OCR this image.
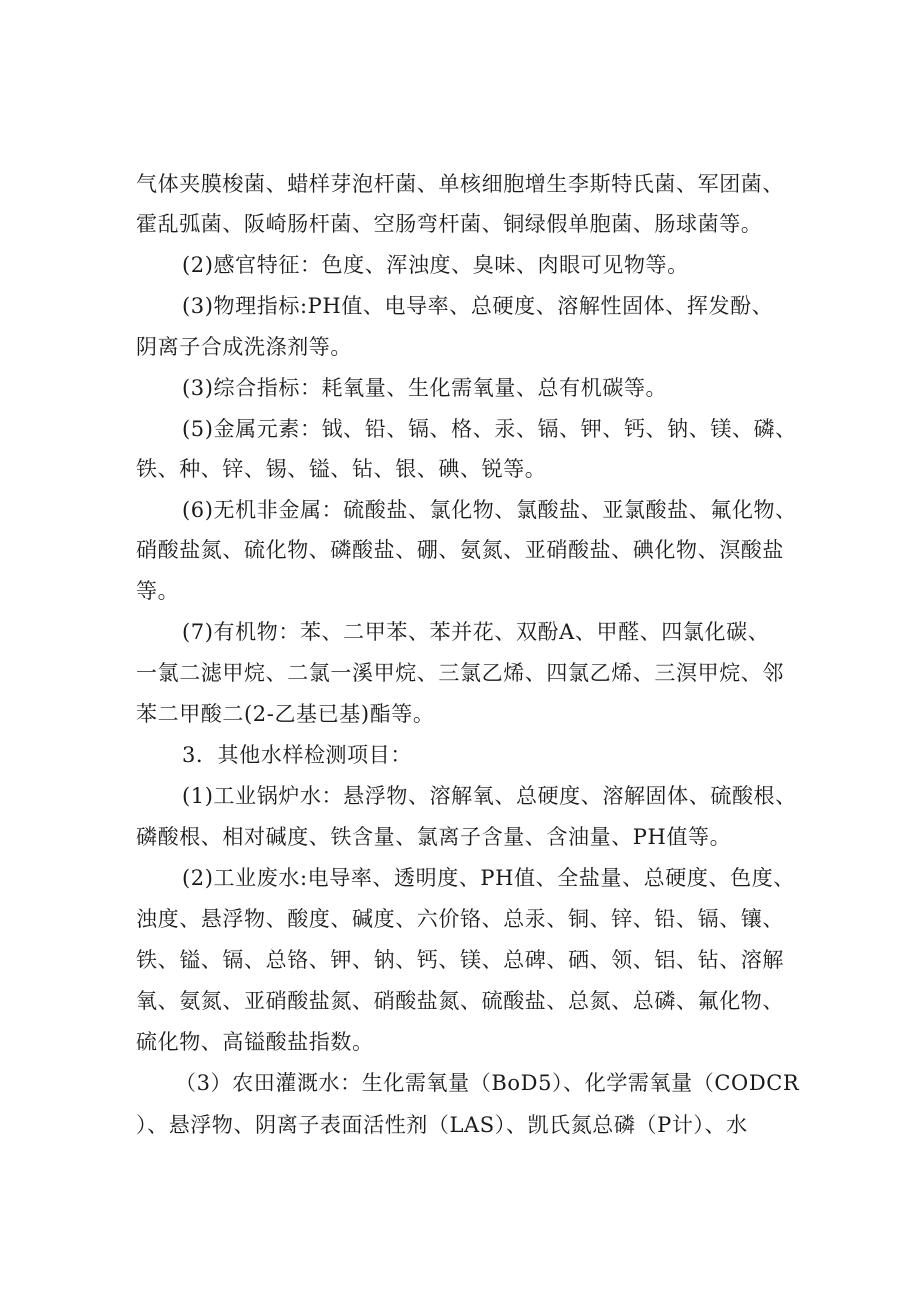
气体夹膜梭菌、蜡样芽泡杆菌、单核细胞增生李斯特氏菌、军团菌、
霍乱弧菌、阪崎肠杆菌、空肠弯杆菌、铜绿假单胞菌、肠球菌等。
(2)感官特征：色度、浑浊度、臭味、肉眼可见物等。
(3)物理指标:PH值、电导率、总硬度、溶解性固体、挥发酚、
阴离子合成洗涤剂等。
(3)综合指标：耗氧量、生化需氧量、总有机碳等。
(5)金属元素：钺、铅、镉、格、汞、镉、钾、钙、钠、镁、磷、
铁、种、锌、锡、镒、钻、银、碘、锐等。
(6)无机非金属：硫酸盐、氯化物、氯酸盐、亚氯酸盐、氟化物、
硝酸盐氮、硫化物、磷酸盐、硼、氨氮、亚硝酸盐、碘化物、溟酸盐
等。
(7)有机物：苯、二甲苯、苯并花、双酚A、甲醛、四氯化碳、
一氯二滤甲烷、二氯一溪甲烷、三氯乙烯、四氯乙烯、三溟甲烷、邻
苯二甲酸二(2-乙基已基)酯等。
3．其他水样检测项目：
(1)工业锅炉水：悬浮物、溶解氧、总硬度、溶解固体、硫酸根、
磷酸根、相对碱度、铁含量、氯离子含量、含油量、PH值等。
(2)工业废水:电导率、透明度、PH值、全盐量、总硬度、色度、
浊度、悬浮物、酸度、碱度、六价铬、总汞、铜、锌、铅、镉、镶、
铁、镒、镉、总铬、钾、钠、钙、镁、总碑、硒、领、铝、钻、溶解
氧、氨氮、亚硝酸盐氮、硝酸盐氮、硫酸盐、总氮、总磷、氟化物、
硫化物、高镒酸盐指数。
（3）农田灌溉水：生化需氧量（BoD5）、化学需氧量（CODCR
）、悬浮物、阴离子表面活性剂（LAS）、凯氏氮总磷（P计）、水
